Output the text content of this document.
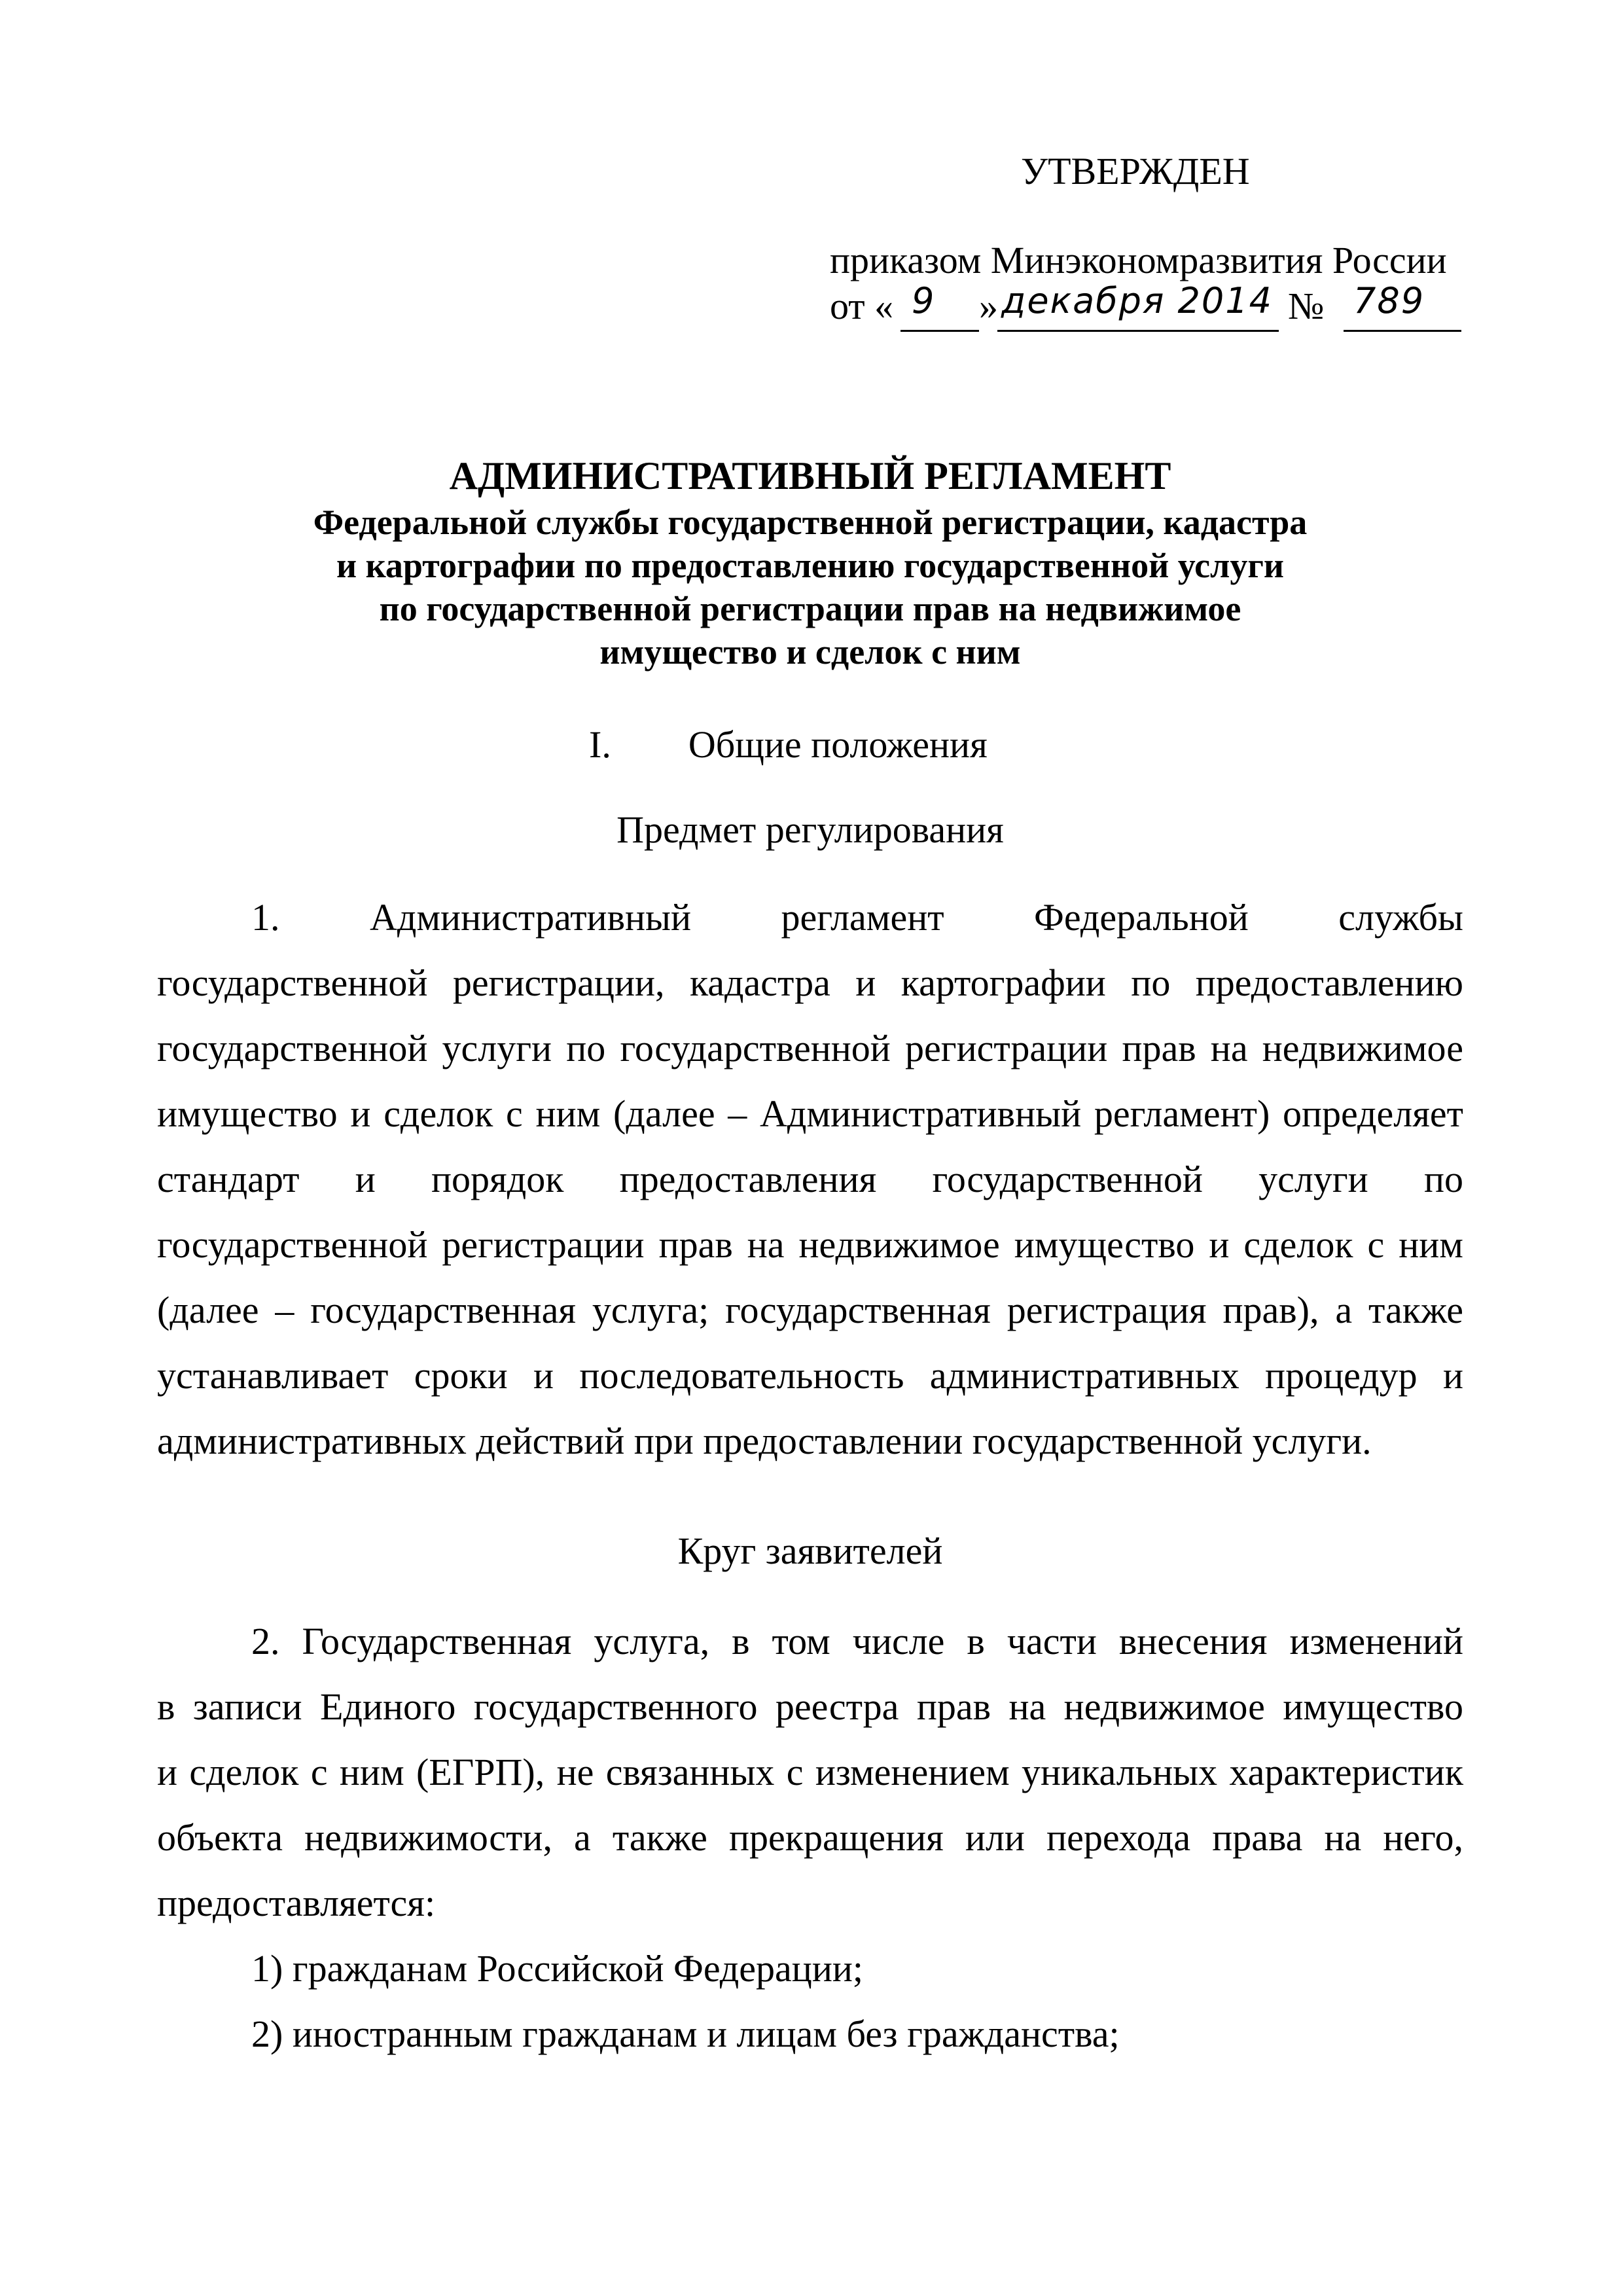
УТВЕРЖДЕН
приказом Минэкономразвития России
от « 9 » декабря 2014 № 789
АДМИНИСТРАТИВНЫЙ РЕГЛАМЕНТ
Федеральной службы государственной регистрации, кадастра
и картографии по предоставлению государственной услуги
по государственной регистрации прав на недвижимое
имущество и сделок с ним
I. Общие положения
Предмет регулирования
1. Административный регламент Федеральной службы
государственной регистрации, кадастра и картографии по предоставлению
государственной услуги по государственной регистрации прав на недвижимое
имущество и сделок с ним (далее – Административный регламент) определяет
стандарт и порядок предоставления государственной услуги по
государственной регистрации прав на недвижимое имущество и сделок с ним
(далее – государственная услуга; государственная регистрация прав), а также
устанавливает сроки и последовательность административных процедур и
административных действий при предоставлении государственной услуги.
Круг заявителей
2. Государственная услуга, в том числе в части внесения изменений
в записи Единого государственного реестра прав на недвижимое имущество
и сделок с ним (ЕГРП), не связанных с изменением уникальных характеристик
объекта недвижимости, а также прекращения или перехода права на него,
предоставляется:
1) гражданам Российской Федерации;
2) иностранным гражданам и лицам без гражданства;
